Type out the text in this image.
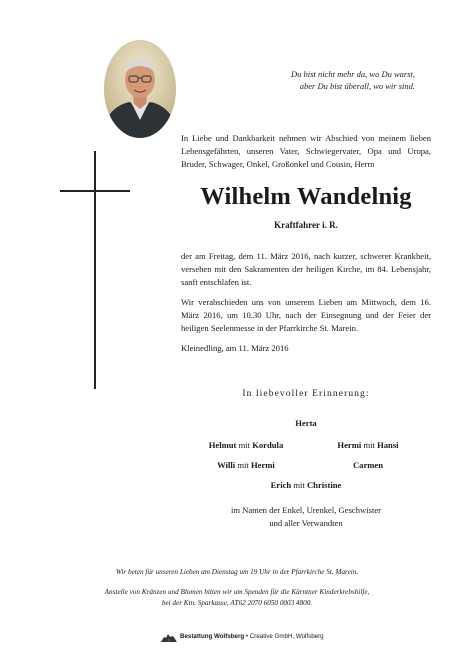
Du bist nicht mehr da, wo Du warst,
aber Du bist überall, wo wir sind.
In Liebe und Dankbarkeit nehmen wir Abschied von meinem lieben Lebensgefährten, unseren Vater, Schwiegervater, Opa und Uropa, Bruder, Schwager, Onkel, Großonkel und Cousin, Herrn
Wilhelm Wandelnig
Kraftfahrer i. R.
der am Freitag, dem 11. März 2016, nach kurzer, schwerer Krankheit, versehen mit den Sakramenten der heiligen Kirche, im 84. Lebensjahr, sanft entschlafen ist.
Wir verabschieden uns von unserem Lieben am Mittwoch, dem 16. März 2016, um 10.30 Uhr, nach der Einsegnung und der Feier der heiligen Seelenmesse in der Pfarrkirche St. Marein.
Kleinedling, am 11. März 2016
In liebevoller Erinnerung:
Herta
Helmut mit Kordula	Hermi mit Hansi
Willi mit Hermi	Carmen
Erich mit Christine
im Namen der Enkel, Urenkel, Geschwister
und aller Verwandten
Wir beten für unseren Lieben am Dienstag um 19 Uhr in der Pfarrkirche St. Marein.
Anstelle von Kränzen und Blumen bitten wir um Spenden für die Kärntner Kinderkrebshilfe,
bei der Ktn. Sparkasse, AT62 2070 6050 0003 4800.
Bestattung Wolfsberg • Creative GmbH, Wolfsberg
